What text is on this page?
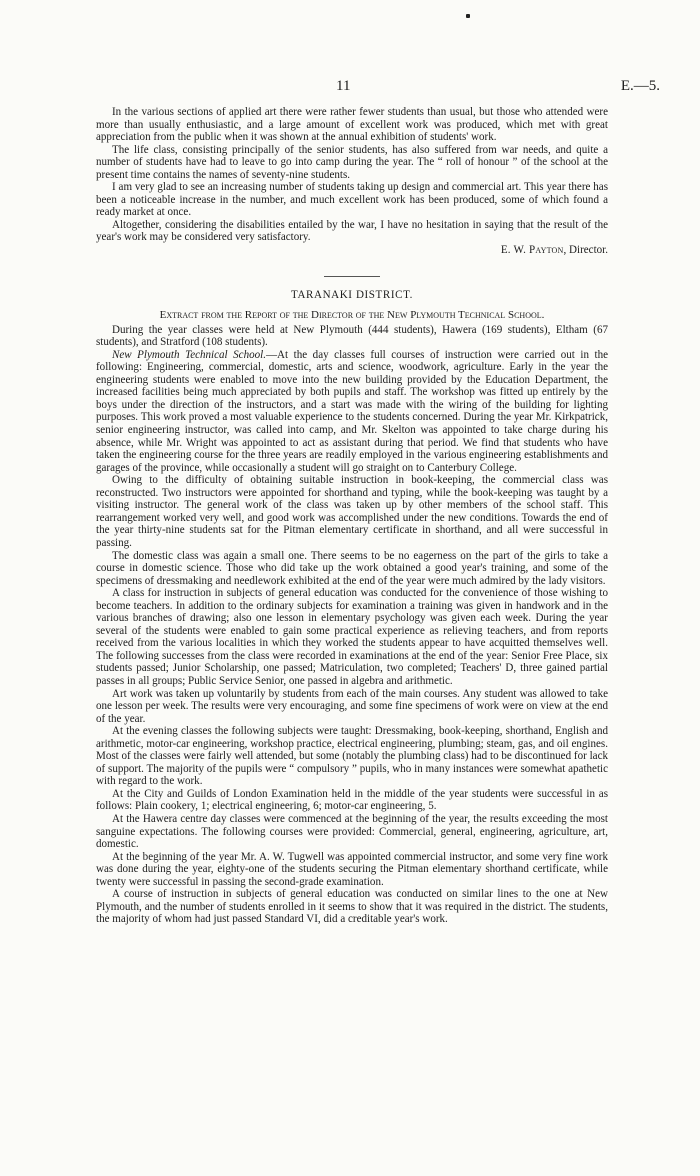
11	E.—5.

In the various sections of applied art there were rather fewer students than usual, but those who attended were more than usually enthusiastic, and a large amount of excellent work was produced, which met with great appreciation from the public when it was shown at the annual exhibition of students' work.

The life class, consisting principally of the senior students, has also suffered from war needs, and quite a number of students have had to leave to go into camp during the year. The “ roll of honour ” of the school at the present time contains the names of seventy-nine students.

I am very glad to see an increasing number of students taking up design and commercial art. This year there has been a noticeable increase in the number, and much excellent work has been produced, some of which found a ready market at once.

Altogether, considering the disabilities entailed by the war, I have no hesitation in saying that the result of the year's work may be considered very satisfactory.

E. W. Payton, Director.

TARANAKI DISTRICT.
Extract from the Report of the Director of the New Plymouth Technical School.

During the year classes were held at New Plymouth (444 students), Hawera (169 students), Eltham (67 students), and Stratford (108 students).

New Plymouth Technical School.—At the day classes full courses of instruction were carried out in the following: Engineering, commercial, domestic, arts and science, woodwork, agriculture. Early in the year the engineering students were enabled to move into the new building provided by the Education Department, the increased facilities being much appreciated by both pupils and staff. The workshop was fitted up entirely by the boys under the direction of the instructors, and a start was made with the wiring of the building for lighting purposes. This work proved a most valuable experience to the students concerned. During the year Mr. Kirkpatrick, senior engineering instructor, was called into camp, and Mr. Skelton was appointed to take charge during his absence, while Mr. Wright was appointed to act as assistant during that period. We find that students who have taken the engineering course for the three years are readily employed in the various engineering establishments and garages of the province, while occasionally a student will go straight on to Canterbury College.

Owing to the difficulty of obtaining suitable instruction in book-keeping, the commercial class was reconstructed. Two instructors were appointed for shorthand and typing, while the book-keeping was taught by a visiting instructor. The general work of the class was taken up by other members of the school staff. This rearrangement worked very well, and good work was accomplished under the new conditions. Towards the end of the year thirty-nine students sat for the Pitman elementary certificate in shorthand, and all were successful in passing.

The domestic class was again a small one. There seems to be no eagerness on the part of the girls to take a course in domestic science. Those who did take up the work obtained a good year's training, and some of the specimens of dressmaking and needlework exhibited at the end of the year were much admired by the lady visitors.

A class for instruction in subjects of general education was conducted for the convenience of those wishing to become teachers. In addition to the ordinary subjects for examination a training was given in handwork and in the various branches of drawing; also one lesson in elementary psychology was given each week. During the year several of the students were enabled to gain some practical experience as relieving teachers, and from reports received from the various localities in which they worked the students appear to have acquitted themselves well. The following successes from the class were recorded in examinations at the end of the year: Senior Free Place, six students passed; Junior Scholarship, one passed; Matriculation, two completed; Teachers' D, three gained partial passes in all groups; Public Service Senior, one passed in algebra and arithmetic.

Art work was taken up voluntarily by students from each of the main courses. Any student was allowed to take one lesson per week. The results were very encouraging, and some fine specimens of work were on view at the end of the year.

At the evening classes the following subjects were taught: Dressmaking, book-keeping, shorthand, English and arithmetic, motor-car engineering, workshop practice, electrical engineering, plumbing; steam, gas, and oil engines. Most of the classes were fairly well attended, but some (notably the plumbing class) had to be discontinued for lack of support. The majority of the pupils were “ compulsory ” pupils, who in many instances were somewhat apathetic with regard to the work.

At the City and Guilds of London Examination held in the middle of the year students were successful in as follows: Plain cookery, 1; electrical engineering, 6; motor-car engineering, 5.

At the Hawera centre day classes were commenced at the beginning of the year, the results exceeding the most sanguine expectations. The following courses were provided: Commercial, general, engineering, agriculture, art, domestic.

At the beginning of the year Mr. A. W. Tugwell was appointed commercial instructor, and some very fine work was done during the year, eighty-one of the students securing the Pitman elementary shorthand certificate, while twenty were successful in passing the second-grade examination.

A course of instruction in subjects of general education was conducted on similar lines to the one at New Plymouth, and the number of students enrolled in it seems to show that it was required in the district. The students, the majority of whom had just passed Standard VI, did a creditable year's work.
